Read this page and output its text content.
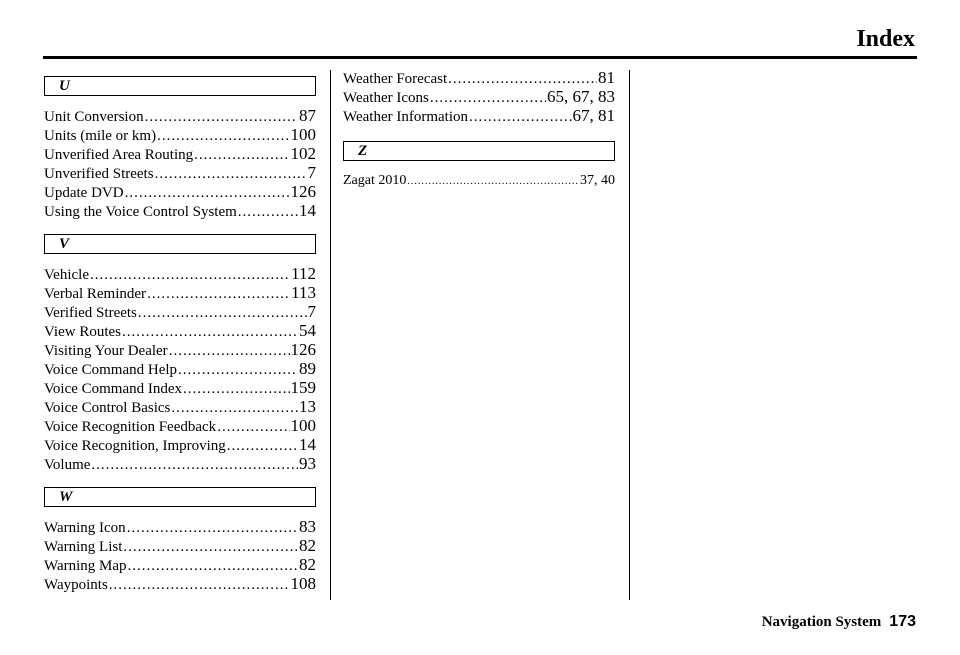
Index
U
Unit Conversion .....	87
Units (mile or km) .....	100
Unverified Area Routing .....	102
Unverified Streets .....	7
Update DVD .....	126
Using the Voice Control System .....	14
V
Vehicle .....	112
Verbal Reminder .....	113
Verified Streets .....	7
View Routes .....	54
Visiting Your Dealer .....	126
Voice Command Help .....	89
Voice Command Index .....	159
Voice Control Basics .....	13
Voice Recognition Feedback .....	100
Voice Recognition, Improving .....	14
Volume .....	93
W
Warning Icon .....	83
Warning List .....	82
Warning Map .....	82
Waypoints .....	108
Weather Forecast .....	81
Weather Icons .....	65, 67, 83
Weather Information .....	67, 81
Z
Zagat 2010 .....	37, 40
Navigation System 173
